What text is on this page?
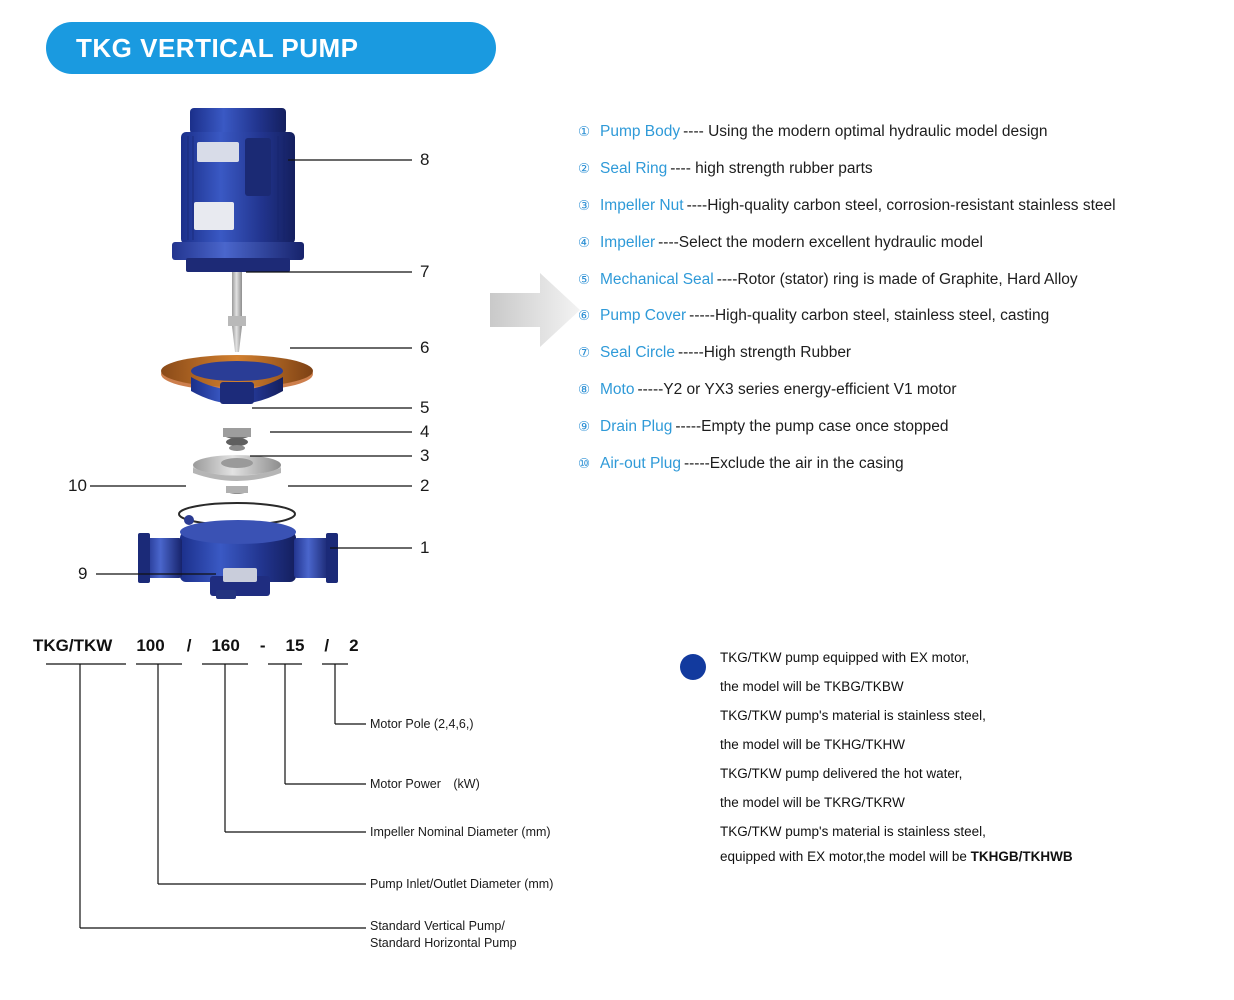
TKG VERTICAL PUMP
8
7
6
5
4
3
2
1
10
9
① Pump Body ---- Using the modern optimal hydraulic model design
② Seal Ring ---- high strength rubber parts
③ Impeller Nut ----High-quality carbon steel, corrosion-resistant stainless steel
④ Impeller ----Select the modern excellent hydraulic model
⑤ Mechanical Seal ----Rotor (stator) ring is made of Graphite, Hard Alloy
⑥ Pump Cover -----High-quality carbon steel, stainless steel, casting
⑦ Seal Circle -----High strength Rubber
⑧ Moto -----Y2 or YX3 series energy-efficient V1 motor
⑨ Drain Plug -----Empty the pump case once stopped
⑩ Air-out Plug -----Exclude the air in the casing
TKG/TKW 100 / 160 - 15 / 2
Motor Pole (2,4,6,)
Motor Power　(kW)
Impeller Nominal Diameter (mm)
Pump Inlet/Outlet Diameter (mm)
Standard Vertical Pump/
Standard Horizontal Pump
TKG/TKW pump equipped with EX motor,
the model will be TKBG/TKBW
TKG/TKW pump's material is stainless steel,
the model will be TKHG/TKHW
TKG/TKW pump delivered the hot water,
the model will be TKRG/TKRW
TKG/TKW pump's material is stainless steel,
equipped with EX motor,the model will be TKHGB/TKHWB
